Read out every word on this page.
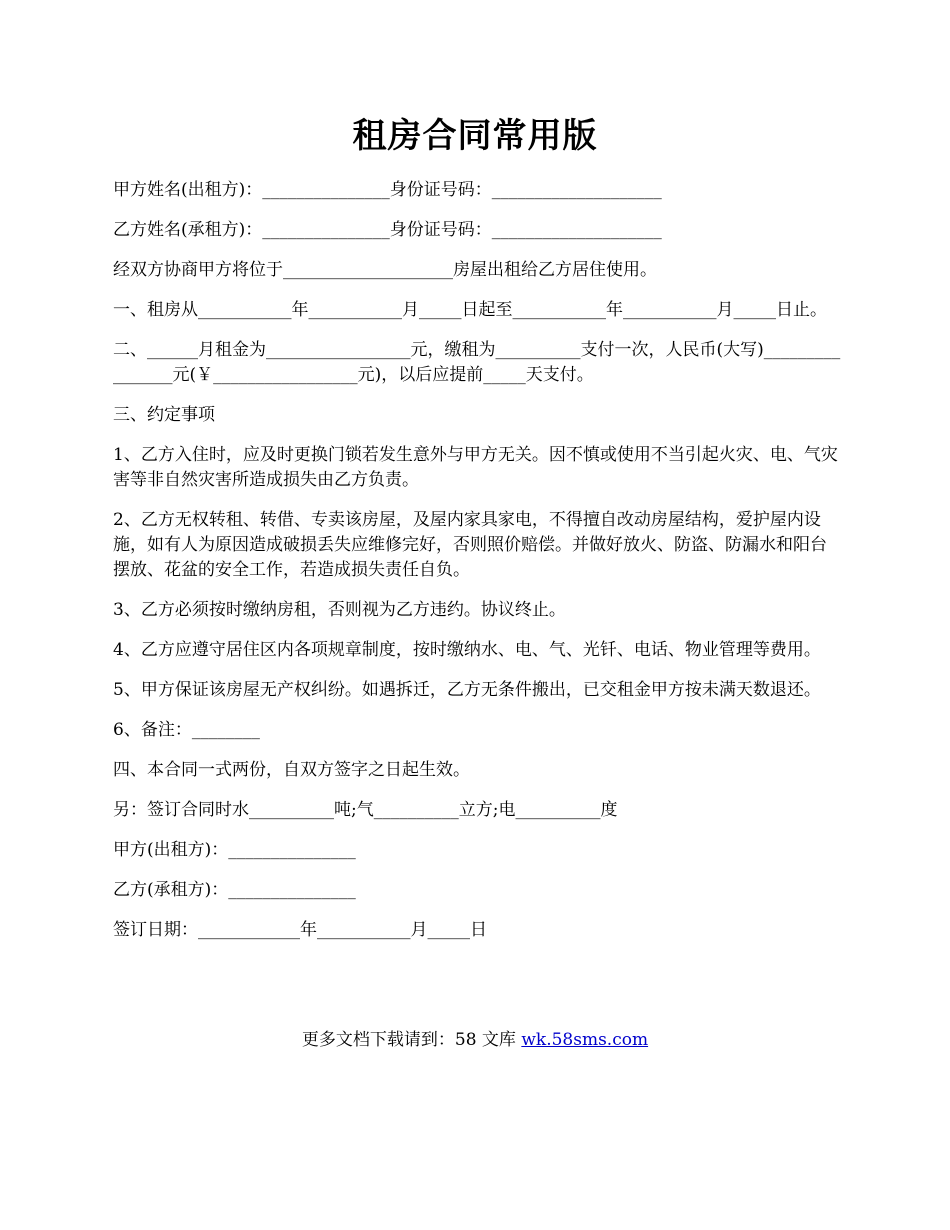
租房合同常用版

甲方姓名(出租方)：_______________身份证号码：____________________

乙方姓名(承租方)：_______________身份证号码：____________________

经双方协商甲方将位于____________________房屋出租给乙方居住使用。

一、租房从___________年___________月_____日起至___________年___________月_____日止。

二、______月租金为_________________元，缴租为__________支付一次，人民币(大写)________________元(￥_________________元)，以后应提前_____天支付。

三、约定事项

1、乙方入住时，应及时更换门锁若发生意外与甲方无关。因不慎或使用不当引起火灾、电、气灾害等非自然灾害所造成损失由乙方负责。

2、乙方无权转租、转借、专卖该房屋，及屋内家具家电，不得擅自改动房屋结构，爱护屋内设施，如有人为原因造成破损丢失应维修完好，否则照价赔偿。并做好放火、防盗、防漏水和阳台摆放、花盆的安全工作，若造成损失责任自负。

3、乙方必须按时缴纳房租，否则视为乙方违约。协议终止。

4、乙方应遵守居住区内各项规章制度，按时缴纳水、电、气、光钎、电话、物业管理等费用。

5、甲方保证该房屋无产权纠纷。如遇拆迁，乙方无条件搬出，已交租金甲方按未满天数退还。

6、备注：________

四、本合同一式两份，自双方签字之日起生效。

另：签订合同时水__________吨;气__________立方;电__________度

甲方(出租方)：_______________

乙方(承租方)：_______________

签订日期：____________年___________月_____日

更多文档下载请到：58 文库 wk.58sms.com
